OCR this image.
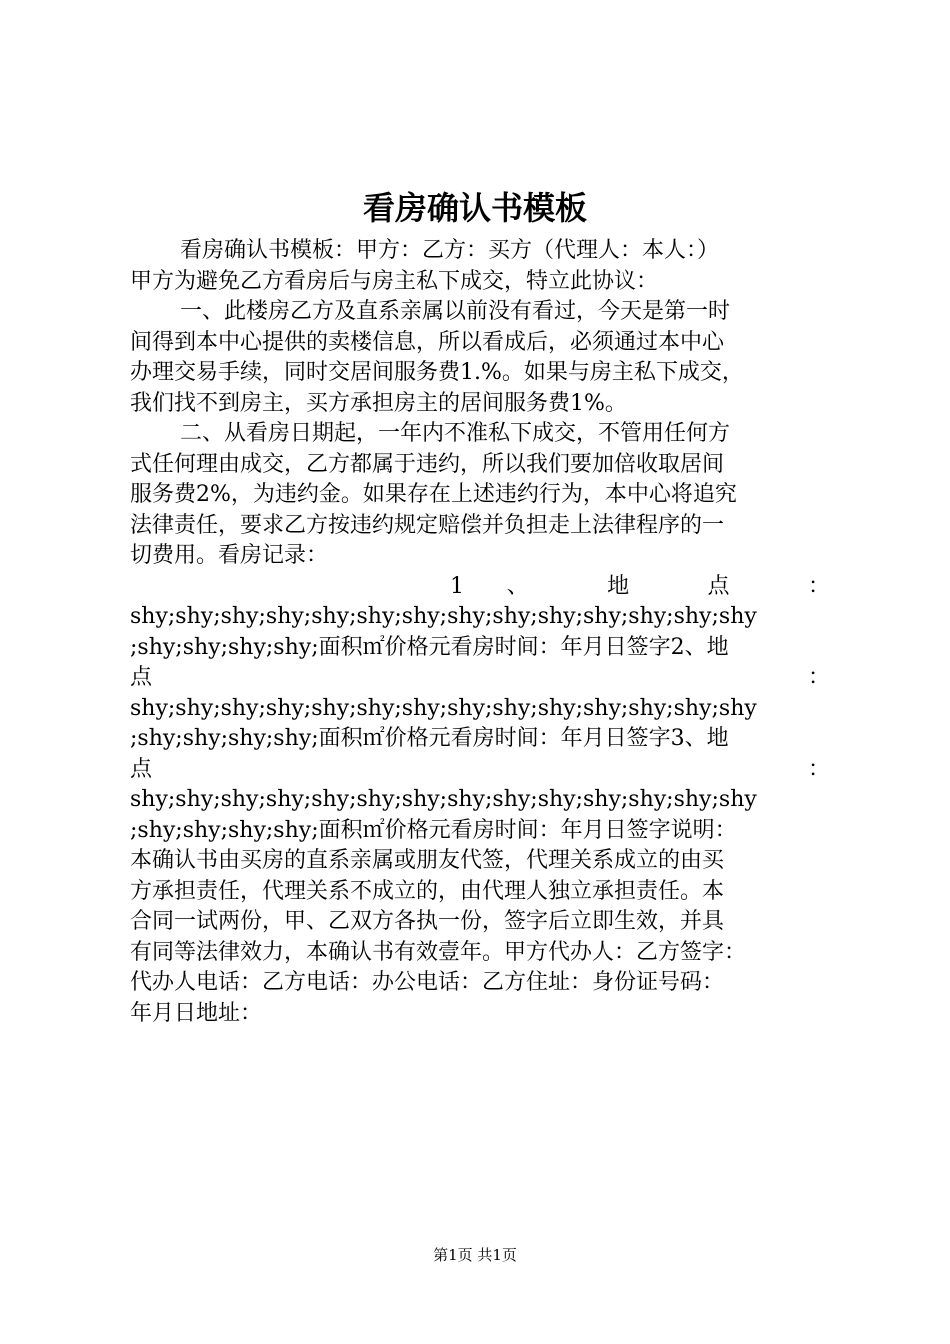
看房确认书模板
看房确认书模板：甲方：乙方：买方（代理人：本人：）
甲方为避免乙方看房后与房主私下成交，特立此协议：
一、此楼房乙方及直系亲属以前没有看过，今天是第一时
间得到本中心提供的卖楼信息，所以看成后，必须通过本中心
办理交易手续，同时交居间服务费1.%。如果与房主私下成交，
我们找不到房主，买方承担房主的居间服务费1%。
二、从看房日期起，一年内不准私下成交，不管用任何方
式任何理由成交，乙方都属于违约，所以我们要加倍收取居间
服务费2%，为违约金。如果存在上述违约行为，本中心将追究
法律责任，要求乙方按违约规定赔偿并负担走上法律程序的一
切费用。看房记录：
1 、 地 点 ：
shy;shy;shy;shy;shy;shy;shy;shy;shy;shy;shy;shy;shy;shy
;shy;shy;shy;shy;面积㎡价格元看房时间：年月日签字2、地
点 ：
shy;shy;shy;shy;shy;shy;shy;shy;shy;shy;shy;shy;shy;shy
;shy;shy;shy;shy;面积㎡价格元看房时间：年月日签字3、地
点 ：
shy;shy;shy;shy;shy;shy;shy;shy;shy;shy;shy;shy;shy;shy
;shy;shy;shy;shy;面积㎡价格元看房时间：年月日签字说明：
本确认书由买房的直系亲属或朋友代签，代理关系成立的由买
方承担责任，代理关系不成立的，由代理人独立承担责任。本
合同一试两份，甲、乙双方各执一份，签字后立即生效，并具
有同等法律效力，本确认书有效壹年。甲方代办人：乙方签字：
代办人电话：乙方电话：办公电话：乙方住址：身份证号码：
年月日地址：
第1页 共1页
